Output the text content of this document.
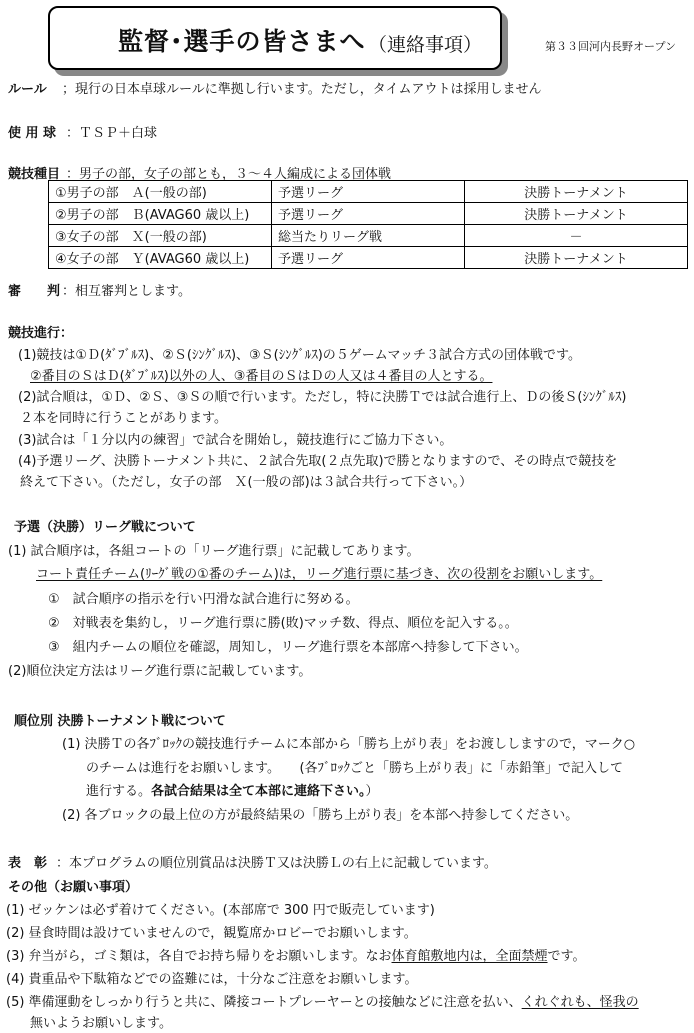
監督･選手の皆さまへ （連絡事項）	第３３回河内長野オープン
ルール ；現行の日本卓球ルールに準拠し行います。ただし，タイムアウトは採用しません
使 用 球 ：ＴＳＰ＋白球
競技種目 ：男子の部，女子の部とも，３～４人編成による団体戦
①男子の部　Ａ(一般の部)	予選リーグ	決勝トーナメント
②男子の部　Ｂ(AVAG60 歳以上)	予選リーグ	決勝トーナメント
③女子の部　Ｘ(一般の部)	総当たりリーグ戦	－
④女子の部　Ｙ(AVAG60 歳以上)	予選リーグ	決勝トーナメント
審　　判 ：相互審判とします。
競技進行：
(1)競技は①Ｄ(ﾀﾞﾌﾞﾙｽ)、②Ｓ(ｼﾝｸﾞﾙｽ)、③Ｓ(ｼﾝｸﾞﾙｽ)の５ゲームマッチ３試合方式の団体戦です。
②番目のＳはＤ(ﾀﾞﾌﾞﾙｽ)以外の人、③番目のＳはＤの人又は４番目の人とする。
(2)試合順は，①Ｄ、②Ｓ、③Ｓの順で行います。ただし，特に決勝Ｔでは試合進行上、Ｄの後Ｓ(ｼﾝｸﾞﾙｽ)
２本を同時に行うことがあります。
(3)試合は「１分以内の練習」で試合を開始し，競技進行にご協力下さい。
(4)予選リーグ、決勝トーナメント共に、２試合先取(２点先取)で勝となりますので、その時点で競技を
終えて下さい。（ただし，女子の部　Ｘ(一般の部)は３試合共行って下さい。）
予選（決勝）リーグ戦について
(1) 試合順序は，各組コートの「リーグ進行票」に記載してあります。
コート責任チーム(ﾘｰｸﾞ戦の①番のチーム)は，リーグ進行票に基づき、次の役割をお願いします。
①　試合順序の指示を行い円滑な試合進行に努める。
②　対戦表を集約し，リーグ進行票に勝(敗)マッチ数、得点、順位を記入する。。
③　組内チームの順位を確認，周知し，リーグ進行票を本部席へ持参して下さい。
(2)順位決定方法はリーグ進行票に記載しています。
順位別 決勝トーナメント戦について
(1) 決勝Ｔの各ﾌﾞﾛｯｸの競技進行チームに本部から「勝ち上がり表」をお渡ししますので，マーク○
のチームは進行をお願いします。　　(各ﾌﾞﾛｯｸごと「勝ち上がり表」に「赤鉛筆」で記入して
進行する。各試合結果は全て本部に連絡下さい。）
(2) 各ブロックの最上位の方が最終結果の「勝ち上がり表」を本部へ持参してください。
表　彰 ：本プログラムの順位別賞品は決勝Ｔ又は決勝Ｌの右上に記載しています。
その他（お願い事項）
(1) ゼッケンは必ず着けてください。(本部席で 300 円で販売しています)
(2) 昼食時間は設けていませんので，観覧席かロビーでお願いします。
(3) 弁当がら，ゴミ類は，各自でお持ち帰りをお願いします。なお体育館敷地内は，全面禁煙です。
(4) 貴重品や下駄箱などでの盗難には，十分なご注意をお願いします。
(5) 準備運動をしっかり行うと共に、隣接コートプレーヤーとの接触などに注意を払い、くれぐれも、怪我の
無いようお願いします。
